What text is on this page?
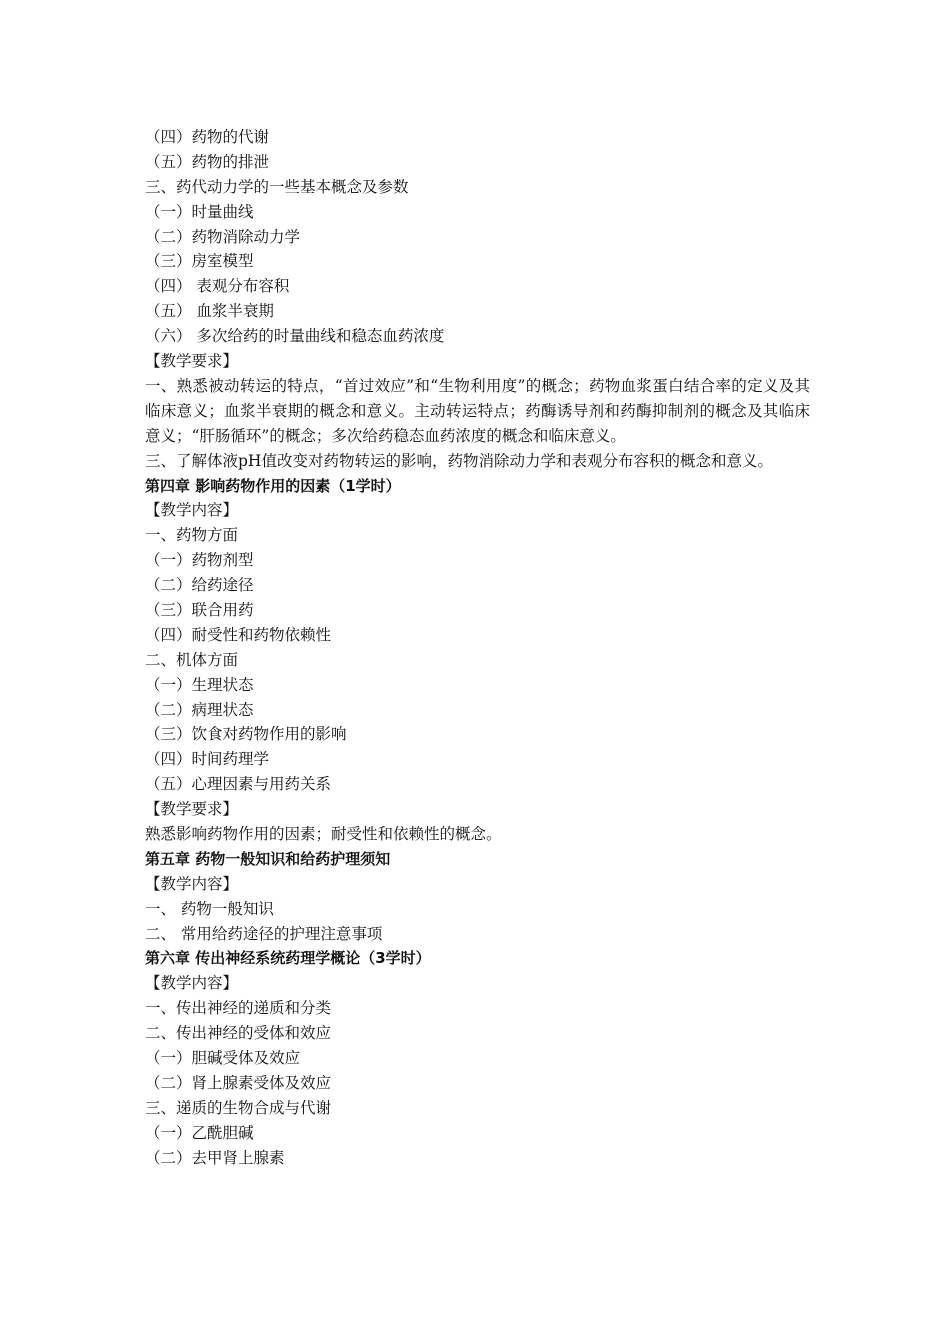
（四）药物的代谢
（五）药物的排泄
三、药代动力学的一些基本概念及参数
（一）时量曲线
（二）药物消除动力学
（三）房室模型
（四） 表观分布容积
（五） 血浆半衰期
（六） 多次给药的时量曲线和稳态血药浓度
【教学要求】
一、熟悉被动转运的特点，“首过效应”和“生物利用度”的概念；药物血浆蛋白结合率的定义及其临床意义；血浆半衰期的概念和意义。主动转运特点；药酶诱导剂和药酶抑制剂的概念及其临床意义；“肝肠循环”的概念；多次给药稳态血药浓度的概念和临床意义。
三、了解体液pH值改变对药物转运的影响，药物消除动力学和表观分布容积的概念和意义。
第四章 影响药物作用的因素（1学时）
【教学内容】
一、药物方面
（一）药物剂型
（二）给药途径
（三）联合用药
（四）耐受性和药物依赖性
二、机体方面
（一）生理状态
（二）病理状态
（三）饮食对药物作用的影响
（四）时间药理学
（五）心理因素与用药关系
【教学要求】
熟悉影响药物作用的因素；耐受性和依赖性的概念。
第五章 药物一般知识和给药护理须知
【教学内容】
一、 药物一般知识
二、 常用给药途径的护理注意事项
第六章 传出神经系统药理学概论（3学时）
【教学内容】
一、传出神经的递质和分类
二、传出神经的受体和效应
（一）胆碱受体及效应
（二）肾上腺素受体及效应
三、递质的生物合成与代谢
（一）乙酰胆碱
（二）去甲肾上腺素
